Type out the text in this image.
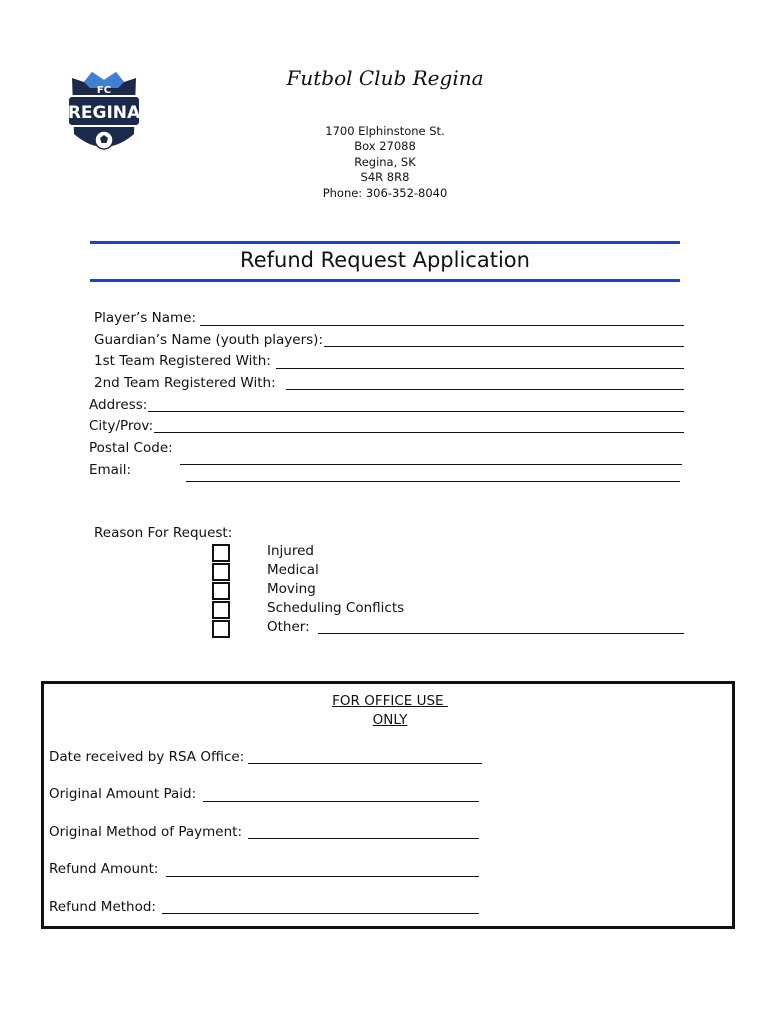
FC
REGINA
Futbol Club Regina
1700 Elphinstone St.
Box 27088
Regina, SK
S4R 8R8
Phone: 306-352-8040
Refund Request Application
Player’s Name:
Guardian’s Name (youth players):
1st Team Registered With:
2nd Team Registered With:
Address:
City/Prov:
Postal Code:
Email:
Reason For Request:
Injured
Medical
Moving
Scheduling Conflicts
Other:
FOR OFFICE USE
ONLY
Date received by RSA Office:
Original Amount Paid:
Original Method of Payment:
Refund Amount:
Refund Method:
